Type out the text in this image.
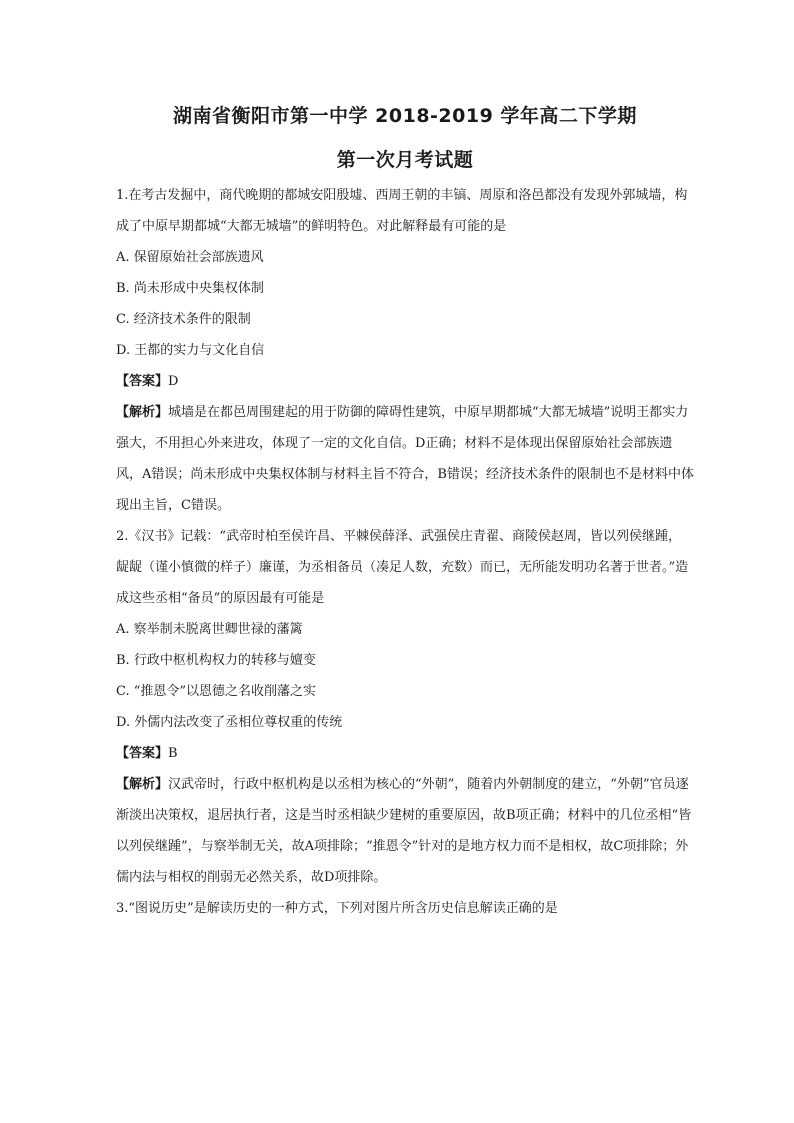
湖南省衡阳市第一中学 2018-2019 学年高二下学期
第一次月考试题

1.在考古发掘中，商代晚期的都城安阳殷墟、西周王朝的丰镐、周原和洛邑都没有发现外郭城墙，构成了中原早期都城“大都无城墙”的鲜明特色。对此解释最有可能的是

A. 保留原始社会部族遗风

B. 尚未形成中央集权体制

C. 经济技术条件的限制

D. 王都的实力与文化自信

【答案】D

【解析】城墙是在都邑周围建起的用于防御的障碍性建筑，中原早期都城“大都无城墙”说明王都实力强大，不用担心外来进攻，体现了一定的文化自信。D正确；材料不是体现出保留原始社会部族遗风，A错误；尚未形成中央集权体制与材料主旨不符合，B错误；经济技术条件的限制也不是材料中体现出主旨，C错误。

2.《汉书》记载：“武帝时柏至侯许昌、平棘侯薛泽、武强侯庄青翟、商陵侯赵周，皆以列侯继踵，龊龊（谨小慎微的样子）廉谨，为丞相备员（凑足人数，充数）而已，无所能发明功名著于世者。”造成这些丞相“备员”的原因最有可能是

A. 察举制未脱离世卿世禄的藩篱

B. 行政中枢机构权力的转移与嬗变

C. “推恩令”以恩德之名收削藩之实

D. 外儒内法改变了丞相位尊权重的传统

【答案】B

【解析】汉武帝时，行政中枢机构是以丞相为核心的“外朝”，随着内外朝制度的建立，“外朝”官员逐渐淡出决策权，退居执行者，这是当时丞相缺少建树的重要原因，故B项正确；材料中的几位丞相“皆以列侯继踵”，与察举制无关，故A项排除；“推恩令”针对的是地方权力而不是相权，故C项排除；外儒内法与相权的削弱无必然关系，故D项排除。

3.“图说历史”是解读历史的一种方式，下列对图片所含历史信息解读正确的是
